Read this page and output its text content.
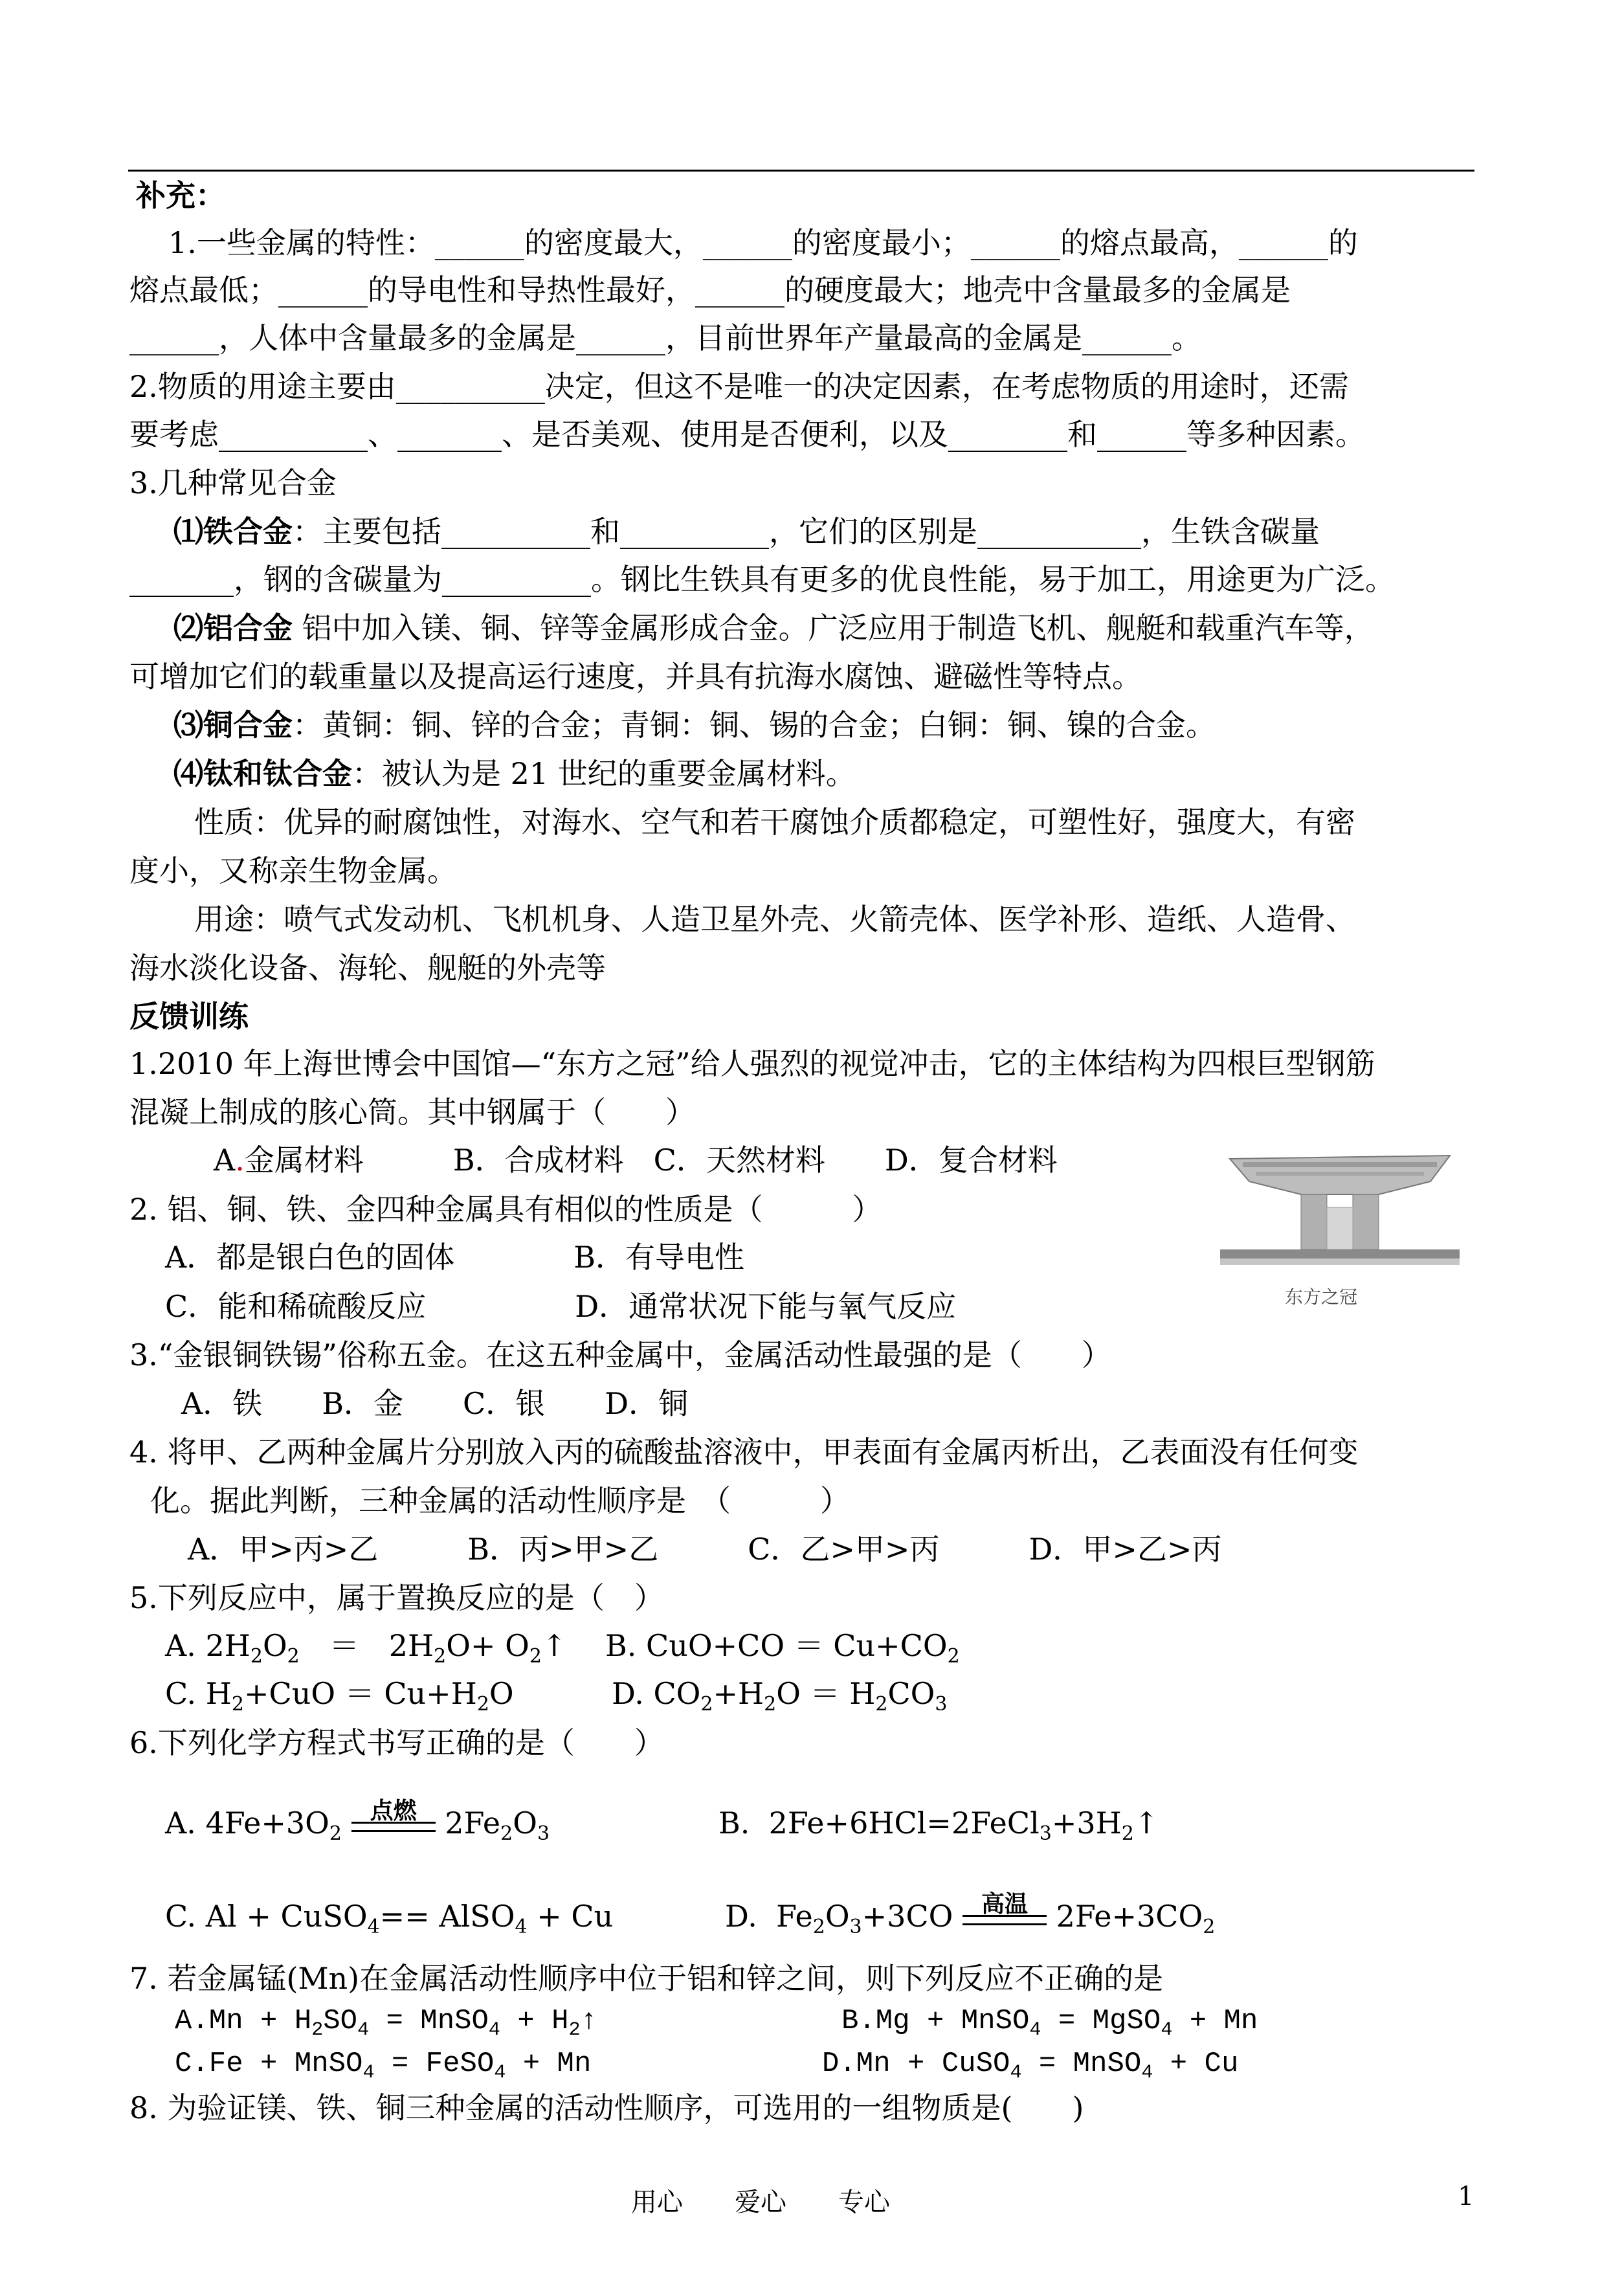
补充：
1.一些金属的特性：______的密度最大，______的密度最小；______的熔点最高，______的
熔点最低；______的导电性和导热性最好，______的硬度最大；地壳中含量最多的金属是
______，人体中含量最多的金属是______，目前世界年产量最高的金属是______。
2.物质的用途主要由__________决定，但这不是唯一的决定因素，在考虑物质的用途时，还需
要考虑__________、_______、是否美观、使用是否便利，以及________和______等多种因素。
3.几种常见合金
⑴铁合金：主要包括__________和__________，它们的区别是___________，生铁含碳量
_______，钢的含碳量为__________。钢比生铁具有更多的优良性能，易于加工，用途更为广泛。
⑵铝合金 铝中加入镁、铜、锌等金属形成合金。广泛应用于制造飞机、舰艇和载重汽车等，
可增加它们的载重量以及提高运行速度，并具有抗海水腐蚀、避磁性等特点。
⑶铜合金：黄铜：铜、锌的合金；青铜：铜、锡的合金；白铜：铜、镍的合金。
⑷钛和钛合金：被认为是 21 世纪的重要金属材料。
性质：优异的耐腐蚀性，对海水、空气和若干腐蚀介质都稳定，可塑性好，强度大，有密
度小，又称亲生物金属。
用途：喷气式发动机、飞机机身、人造卫星外壳、火箭壳体、医学补形、造纸、人造骨、
海水淡化设备、海轮、舰艇的外壳等
反馈训练
1.2010 年上海世博会中国馆—“东方之冠”给人强烈的视觉冲击，它的主体结构为四根巨型钢筋
混凝上制成的胲心筒。其中钢属于（　　）
A.金属材料　　　	B．合成材料　C．天然材料　　D．复合材料
东方之冠
2. 铝、铜、铁、金四种金属具有相似的性质是（　　　）
A．都是银白色的固体　　　　B．有导电性
C．能和稀硫酸反应　　　　　D．通常状况下能与氧气反应
3.“金银铜铁锡”俗称五金。在这五种金属中，金属活动性最强的是（　　）
A．铁　　B．金　　C．银　　D．铜
4. 将甲、乙两种金属片分别放入丙的硫酸盐溶液中，甲表面有金属丙析出，乙表面没有任何变
化。据此判断，三种金属的活动性顺序是　（　　　）
A．甲>丙>乙　　　B．丙>甲>乙　　　C．乙>甲>丙　　　D．甲>乙>丙
5.下列反应中，属于置换反应的是（　）
A. $2H_2O_2$　＝　$2H_2O+$ $O_2↑$ B. $CuO+CO = Cu+CO_2$
C. $H_2+CuO = Cu+H_2O$	D. $CO_2+H_2O = H_2CO_3$
6.下列化学方程式书写正确的是（　　）
A. $4Fe+3O_2$
点燃 $2Fe_2O_3$	B.  $2Fe+6HCl=2FeCl_3+3H_2↑$
C. Al + CuSO$_4$== AlSO$_4$ + Cu	D.  $Fe_2O_3+3CO$ 高温 $2Fe+3CO_2$
7. 若金属锰(Mn)在金属活动性顺序中位于铝和锌之间，则下列反应不正确的是
$A.Mn + H_2SO_4$ = MnSO$_4$ + $H_2↑$	B.Mg + MnSO$_4$ = MgSO$_4$ + Mn
C.Fe + MnSO$_4$ = FeSO$_4$ + Mn	D.Mn + CuSO$_4$ = MnSO$_4$ + Cu
8. 为验证镁、铁、铜三种金属的活动性顺序，可选用的一组物质是(　　)
用心　　爱心　　专心	1
